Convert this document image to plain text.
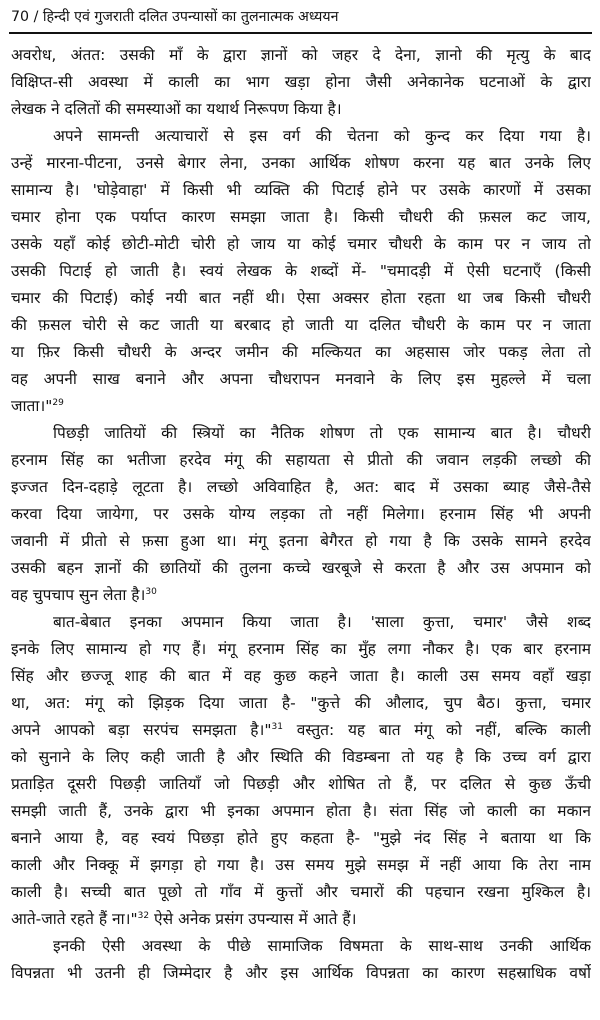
70 / हिन्दी एवं गुजराती दलित उपन्यासों का तुलनात्मक अध्ययन
अवरोध, अंतत: उसकी माँ के द्वारा ज्ञानों को जहर दे देना, ज्ञानो की मृत्यु के बाद
विक्षिप्त-सी अवस्था में काली का भाग खड़ा होना जैसी अनेकानेक घटनाओं के द्वारा
लेखक ने दलितों की समस्याओं का यथार्थ निरूपण किया है।
अपने सामन्ती अत्याचारों से इस वर्ग की चेतना को कुन्द कर दिया गया है।
उन्हें मारना-पीटना, उनसे बेगार लेना, उनका आर्थिक शोषण करना यह बात उनके लिए
सामान्य है। 'घोड़ेवाहा' में किसी भी व्यक्ति की पिटाई होने पर उसके कारणों में उसका
चमार होना एक पर्याप्त कारण समझा जाता है। किसी चौधरी की फ़सल कट जाय,
उसके यहाँ कोई छोटी-मोटी चोरी हो जाय या कोई चमार चौधरी के काम पर न जाय तो
उसकी पिटाई हो जाती है। स्वयं लेखक के शब्दों में- "चमादड़ी में ऐसी घटनाएँ (किसी
चमार की पिटाई) कोई नयी बात नहीं थी। ऐसा अक्सर होता रहता था जब किसी चौधरी
की फ़सल चोरी से कट जाती या बरबाद हो जाती या दलित चौधरी के काम पर न जाता
या फ़िर किसी चौधरी के अन्दर जमीन की मल्कियत का अहसास जोर पकड़ लेता तो
वह अपनी साख बनाने और अपना चौधरापन मनवाने के लिए इस मुहल्ले में चला
जाता।"$^{29}$
पिछड़ी जातियों की स्त्रियों का नैतिक शोषण तो एक सामान्य बात है। चौधरी
हरनाम सिंह का भतीजा हरदेव मंगू की सहायता से प्रीतो की जवान लड़की लच्छो की
इज्जत दिन-दहाड़े लूटता है। लच्छो अविवाहित है, अत: बाद में उसका ब्याह जैसे-तैसे
करवा दिया जायेगा, पर उसके योग्य लड़का तो नहीं मिलेगा। हरनाम सिंह भी अपनी
जवानी में प्रीतो से फ़सा हुआ था। मंगू इतना बेगैरत हो गया है कि उसके सामने हरदेव
उसकी बहन ज्ञानों की छातियों की तुलना कच्चे खरबूजे से करता है और उस अपमान को
वह चुपचाप सुन लेता है।$^{30}$
बात-बेबात इनका अपमान किया जाता है। 'साला कुत्ता, चमार' जैसे शब्द
इनके लिए सामान्य हो गए हैं। मंगू हरनाम सिंह का मुँह लगा नौकर है। एक बार हरनाम
सिंह और छज्जू शाह की बात में वह कुछ कहने जाता है। काली उस समय वहाँ खड़ा
था, अत: मंगू को झिड़क दिया जाता है- "कुत्ते की औलाद, चुप बैठ। कुत्ता, चमार
अपने आपको बड़ा सरपंच समझता है।"$^{31}$ वस्तुत: यह बात मंगू को नहीं, बल्कि काली
को सुनाने के लिए कही जाती है और स्थिति की विडम्बना तो यह है कि उच्च वर्ग द्वारा
प्रताड़ित दूसरी पिछड़ी जातियाँ जो पिछड़ी और शोषित तो हैं, पर दलित से कुछ ऊँची
समझी जाती हैं, उनके द्वारा भी इनका अपमान होता है। संता सिंह जो काली का मकान
बनाने आया है, वह स्वयं पिछड़ा होते हुए कहता है- "मुझे नंद सिंह ने बताया था कि
काली और निक्कू में झगड़ा हो गया है। उस समय मुझे समझ में नहीं आया कि तेरा नाम
काली है। सच्ची बात पूछो तो गाँव में कुत्तों और चमारों की पहचान रखना मुश्किल है।
आते-जाते रहते हैं ना।"$^{32}$ ऐसे अनेक प्रसंग उपन्यास में आते हैं।
इनकी ऐसी अवस्था के पीछे सामाजिक विषमता के साथ-साथ उनकी आर्थिक
विपन्नता भी उतनी ही जिम्मेदार है और इस आर्थिक विपन्नता का कारण सहस्राधिक वर्षो
